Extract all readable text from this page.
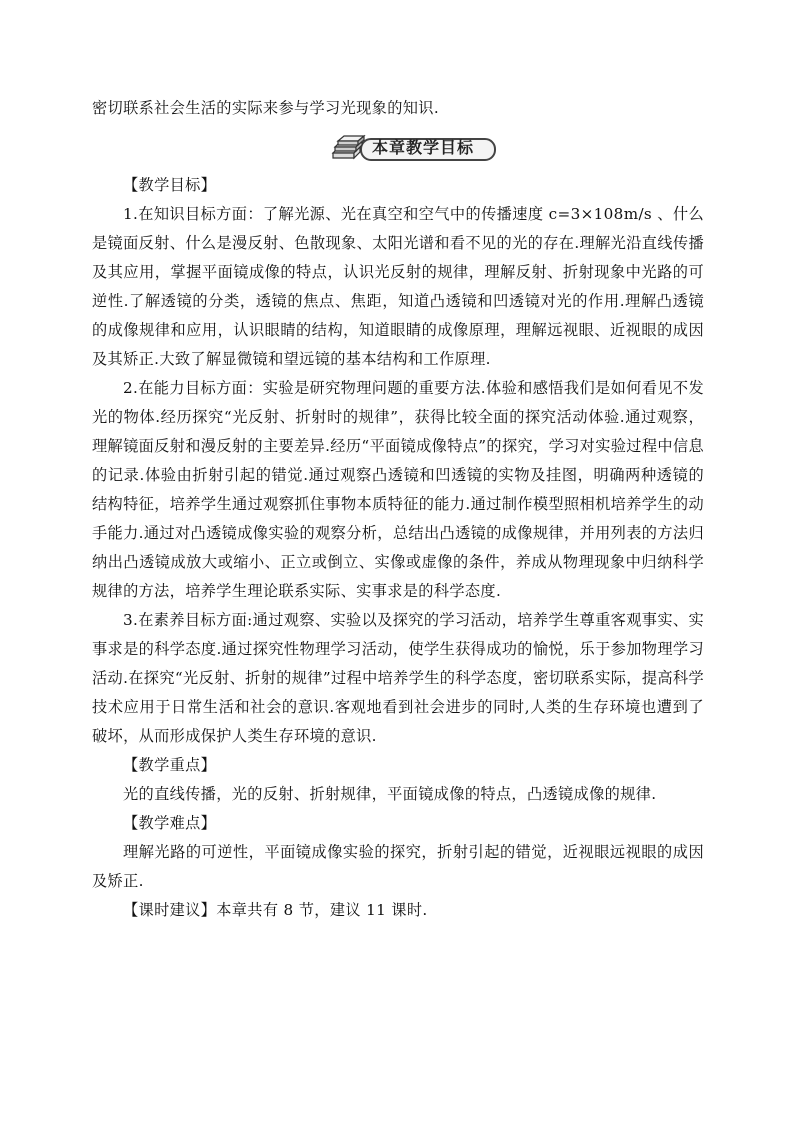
密切联系社会生活的实际来参与学习光现象的知识.

本章教学目标

【教学目标】

1.在知识目标方面：了解光源、光在真空和空气中的传播速度 c=3×108m/s 、什么是镜面反射、什么是漫反射、色散现象、太阳光谱和看不见的光的存在.理解光沿直线传播及其应用，掌握平面镜成像的特点，认识光反射的规律，理解反射、折射现象中光路的可逆性.了解透镜的分类，透镜的焦点、焦距，知道凸透镜和凹透镜对光的作用.理解凸透镜的成像规律和应用，认识眼睛的结构，知道眼睛的成像原理，理解远视眼、近视眼的成因及其矫正.大致了解显微镜和望远镜的基本结构和工作原理.

2.在能力目标方面：实验是研究物理问题的重要方法.体验和感悟我们是如何看见不发光的物体.经历探究“光反射、折射时的规律”，获得比较全面的探究活动体验.通过观察，理解镜面反射和漫反射的主要差异.经历“平面镜成像特点”的探究，学习对实验过程中信息的记录.体验由折射引起的错觉.通过观察凸透镜和凹透镜的实物及挂图，明确两种透镜的结构特征，培养学生通过观察抓住事物本质特征的能力.通过制作模型照相机培养学生的动手能力.通过对凸透镜成像实验的观察分析，总结出凸透镜的成像规律，并用列表的方法归纳出凸透镜成放大或缩小、正立或倒立、实像或虚像的条件，养成从物理现象中归纳科学规律的方法，培养学生理论联系实际、实事求是的科学态度.

3.在素养目标方面:通过观察、实验以及探究的学习活动，培养学生尊重客观事实、实事求是的科学态度.通过探究性物理学习活动，使学生获得成功的愉悦，乐于参加物理学习活动.在探究“光反射、折射的规律”过程中培养学生的科学态度，密切联系实际，提高科学技术应用于日常生活和社会的意识.客观地看到社会进步的同时,人类的生存环境也遭到了破坏，从而形成保护人类生存环境的意识.

【教学重点】

光的直线传播，光的反射、折射规律，平面镜成像的特点，凸透镜成像的规律.

【教学难点】

理解光路的可逆性，平面镜成像实验的探究，折射引起的错觉，近视眼远视眼的成因及矫正.

【课时建议】本章共有 8 节，建议 11 课时.
